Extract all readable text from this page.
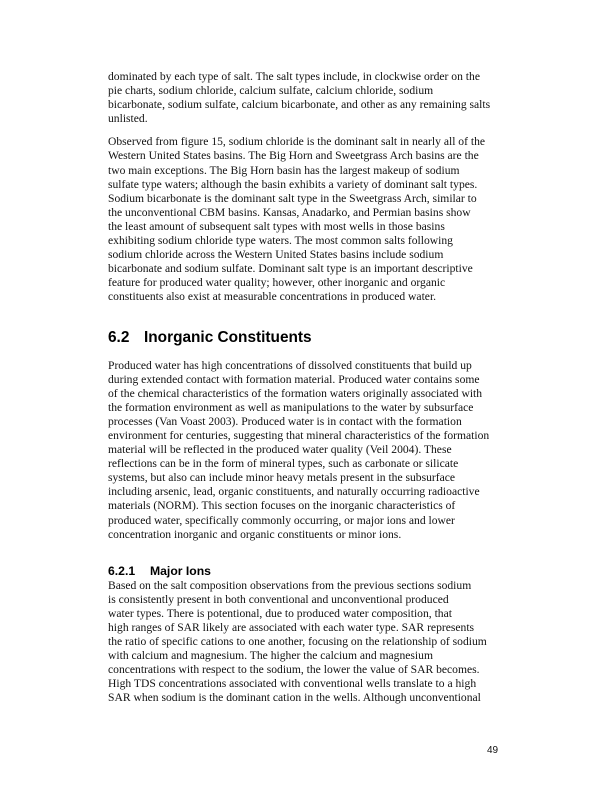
dominated by each type of salt. The salt types include, in clockwise order on the
pie charts, sodium chloride, calcium sulfate, calcium chloride, sodium
bicarbonate, sodium sulfate, calcium bicarbonate, and other as any remaining salts
unlisted.

Observed from figure 15, sodium chloride is the dominant salt in nearly all of the
Western United States basins. The Big Horn and Sweetgrass Arch basins are the
two main exceptions. The Big Horn basin has the largest makeup of sodium
sulfate type waters; although the basin exhibits a variety of dominant salt types.
Sodium bicarbonate is the dominant salt type in the Sweetgrass Arch, similar to
the unconventional CBM basins. Kansas, Anadarko, and Permian basins show
the least amount of subsequent salt types with most wells in those basins
exhibiting sodium chloride type waters. The most common salts following
sodium chloride across the Western United States basins include sodium
bicarbonate and sodium sulfate. Dominant salt type is an important descriptive
feature for produced water quality; however, other inorganic and organic
constituents also exist at measurable concentrations in produced water.

6.2 Inorganic Constituents

Produced water has high concentrations of dissolved constituents that build up
during extended contact with formation material. Produced water contains some
of the chemical characteristics of the formation waters originally associated with
the formation environment as well as manipulations to the water by subsurface
processes (Van Voast 2003). Produced water is in contact with the formation
environment for centuries, suggesting that mineral characteristics of the formation
material will be reflected in the produced water quality (Veil 2004). These
reflections can be in the form of mineral types, such as carbonate or silicate
systems, but also can include minor heavy metals present in the subsurface
including arsenic, lead, organic constituents, and naturally occurring radioactive
materials (NORM). This section focuses on the inorganic characteristics of
produced water, specifically commonly occurring, or major ions and lower
concentration inorganic and organic constituents or minor ions.

6.2.1 Major Ions

Based on the salt composition observations from the previous sections sodium
is consistently present in both conventional and unconventional produced
water types. There is potentional, due to produced water composition, that
high ranges of SAR likely are associated with each water type. SAR represents
the ratio of specific cations to one another, focusing on the relationship of sodium
with calcium and magnesium. The higher the calcium and magnesium
concentrations with respect to the sodium, the lower the value of SAR becomes.
High TDS concentrations associated with conventional wells translate to a high
SAR when sodium is the dominant cation in the wells. Although unconventional

49
